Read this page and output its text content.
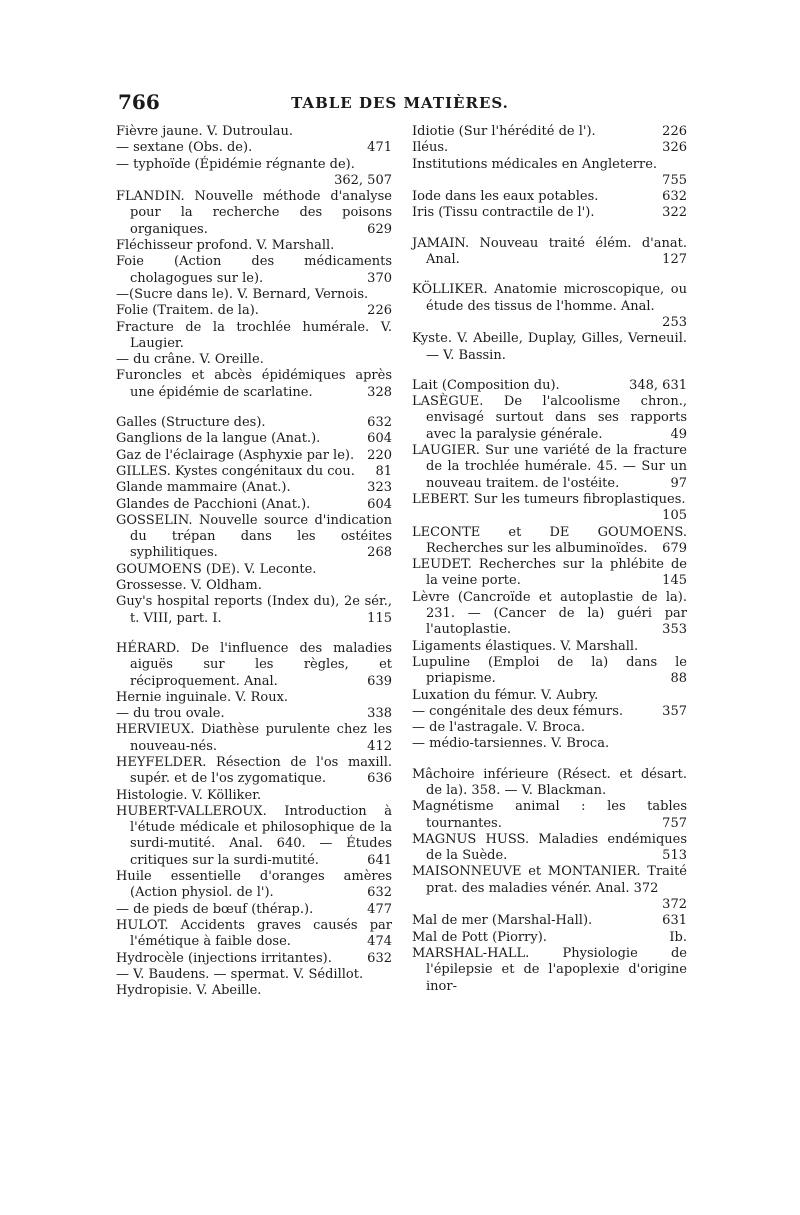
766	TABLE DES MATIÈRES.
Fièvre jaune. V. Dutroulau.
— sextane (Obs. de).	471
— typhoïde (Épidémie régnante de).
362, 507
FLANDIN. Nouvelle méthode d'analyse pour la recherche des poisons organiques.	629
Fléchisseur profond. V. Marshall.
Foie (Action des médicaments cholagogues sur le).	370
—(Sucre dans le). V. Bernard, Vernois.
Folie (Traitem. de la).	226
Fracture de la trochlée humérale. V. Laugier.
— du crâne. V. Oreille.
Furoncles et abcès épidémiques après une épidémie de scarlatine.	328
Galles (Structure des).	632
Ganglions de la langue (Anat.).	604
Gaz de l'éclairage (Asphyxie par le).	220
GILLES. Kystes congénitaux du cou.	81
Glande mammaire (Anat.).	323
Glandes de Pacchioni (Anat.).	604
GOSSELIN. Nouvelle source d'indication du trépan dans les ostéites syphilitiques.	268
GOUMOENS (DE). V. Leconte.
Grossesse. V. Oldham.
Guy's hospital reports (Index du), 2e sér., t. VIII, part. I.	115
HÉRARD. De l'influence des maladies aiguës sur les règles, et réciproquement. Anal.	639
Hernie inguinale. V. Roux.
— du trou ovale.	338
HERVIEUX. Diathèse purulente chez les nouveau-nés.	412
HEYFELDER. Résection de l'os maxill. supér. et de l'os zygomatique.	636
Histologie. V. Kölliker.
HUBERT-VALLEROUX. Introduction à l'étude médicale et philosophique de la surdi-mutité. Anal. 640. — Études critiques sur la surdi-mutité.	641
Huile essentielle d'oranges amères (Action physiol. de l').	632
— de pieds de bœuf (thérap.).	477
HULOT. Accidents graves causés par l'émétique à faible dose.	474
Hydrocèle (injections irritantes).	632
— V. Baudens. — spermat. V. Sédillot.
Hydropisie. V. Abeille.
Idiotie (Sur l'hérédité de l').	226
Iléus.	326
Institutions médicales en Angleterre.
755
Iode dans les eaux potables.	632
Iris (Tissu contractile de l').	322
JAMAIN. Nouveau traité élém. d'anat. Anal.	127
KÖLLIKER. Anatomie microscopique, ou étude des tissus de l'homme. Anal.
253
Kyste. V. Abeille, Duplay, Gilles, Verneuil. — V. Bassin.
Lait (Composition du).	348, 631
LASÈGUE. De l'alcoolisme chron., envisagé surtout dans ses rapports avec la paralysie générale.	49
LAUGIER. Sur une variété de la fracture de la trochlée humérale. 45. — Sur un nouveau traitem. de l'ostéite.	97
LEBERT. Sur les tumeurs fibroplastiques.
105
LECONTE et DE GOUMOENS. Recherches sur les albuminoïdes.	679
LEUDET. Recherches sur la phlébite de la veine porte.	145
Lèvre (Cancroïde et autoplastie de la). 231. — (Cancer de la) guéri par l'autoplastie.	353
Ligaments élastiques. V. Marshall.
Lupuline (Emploi de la) dans le priapisme.	88
Luxation du fémur. V. Aubry.
— congénitale des deux fémurs.	357
— de l'astragale. V. Broca.
— médio-tarsiennes. V. Broca.
Mâchoire inférieure (Résect. et désart. de la). 358. — V. Blackman.
Magnétisme animal : les tables tournantes.	757
MAGNUS HUSS. Maladies endémiques de la Suède.	513
MAISONNEUVE et MONTANIER. Traité prat. des maladies vénér. Anal. 372
372
Mal de mer (Marshal-Hall).	631
Mal de Pott (Piorry).	Ib.
MARSHAL-HALL. Physiologie de l'épilepsie et de l'apoplexie d'origine inor-
